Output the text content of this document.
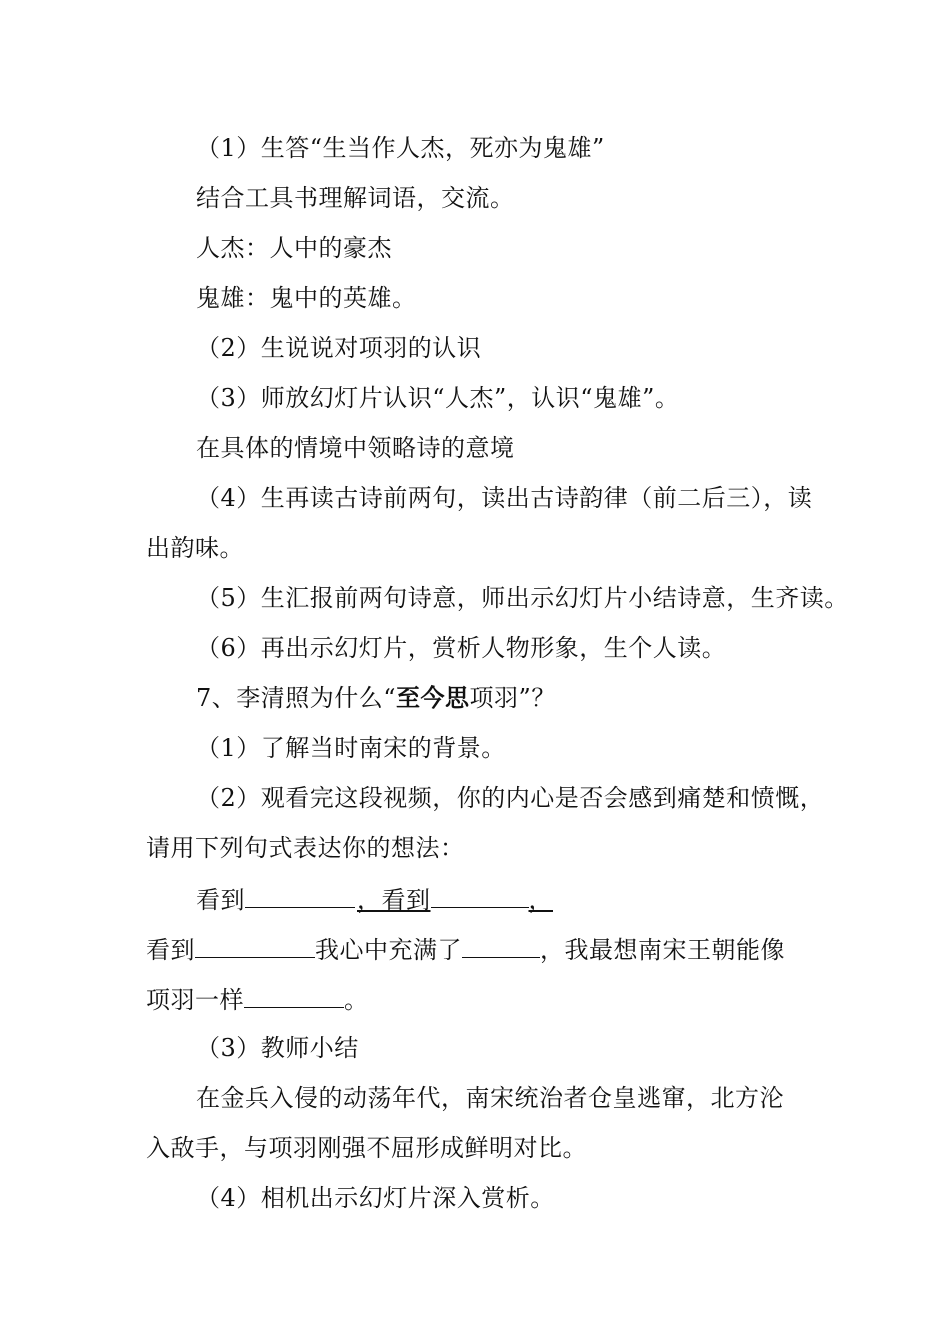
（1）生答“生当作人杰，死亦为鬼雄”
结合工具书理解词语，交流。
人杰：人中的豪杰
鬼雄：鬼中的英雄。
（2）生说说对项羽的认识
（3）师放幻灯片认识“人杰”，认识“鬼雄”。
在具体的情境中领略诗的意境
（4）生再读古诗前两句，读出古诗韵律（前二后三），读
出韵味。
（5）生汇报前两句诗意，师出示幻灯片小结诗意，生齐读。
（6）再出示幻灯片，赏析人物形象，生个人读。
7、李清照为什么“至今思项羽”？
（1）了解当时南宋的背景。
（2）观看完这段视频，你的内心是否会感到痛楚和愤慨，
请用下列句式表达你的想法：
看到	，看到	，
看到	我心中充满了	，我最想南宋王朝能像
项羽一样	。
（3）教师小结
在金兵入侵的动荡年代，南宋统治者仓皇逃窜，北方沦
入敌手，与项羽刚强不屈形成鲜明对比。
（4）相机出示幻灯片深入赏析。
